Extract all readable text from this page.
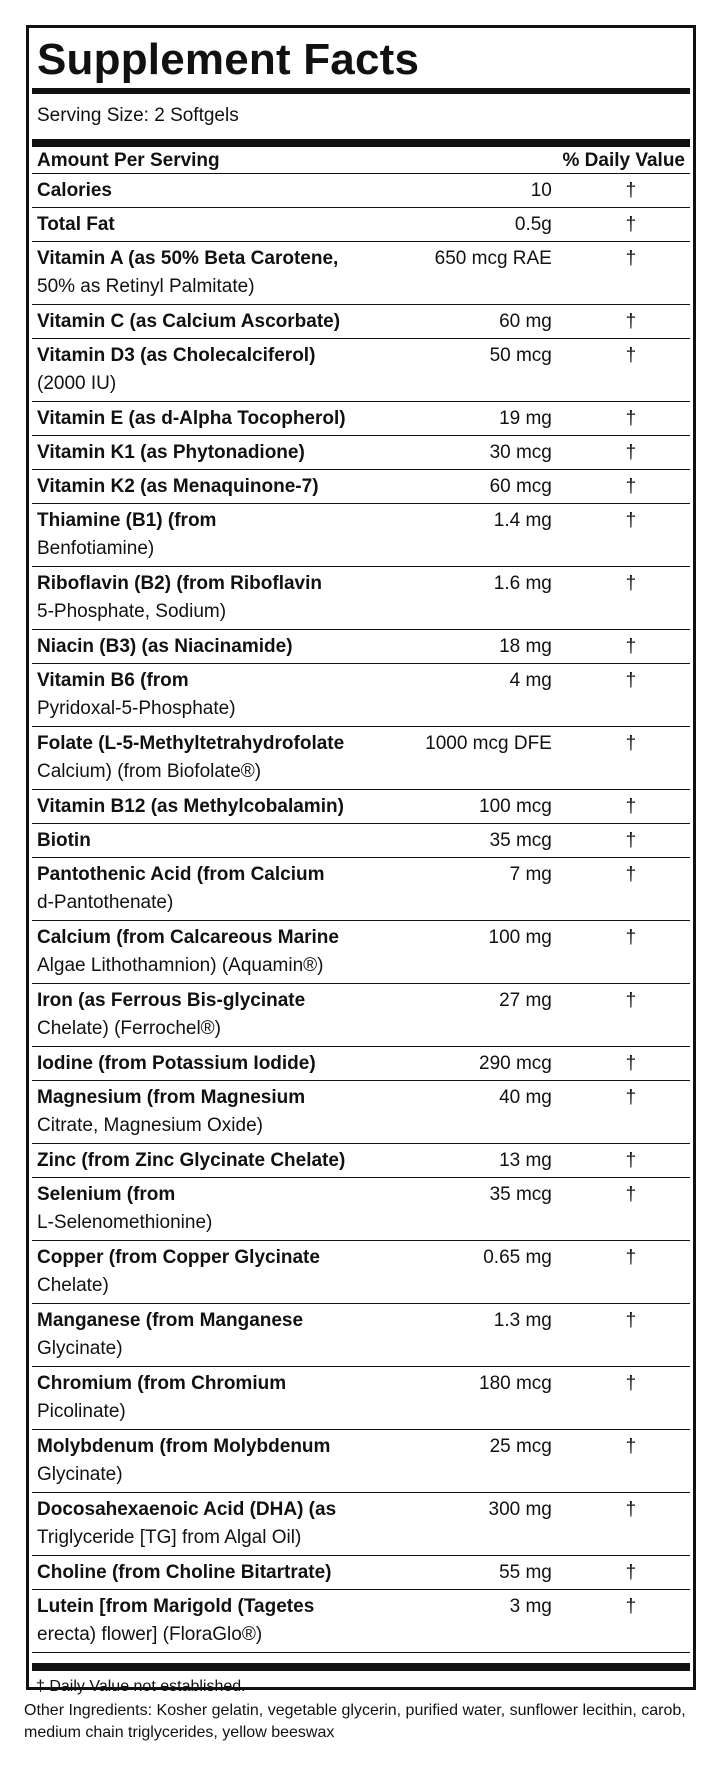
Supplement Facts
Serving Size: 2 Softgels
Amount Per Serving	% Daily Value
Calories	10	†
Total Fat	0.5g	†
Vitamin A (as 50% Beta Carotene,
50% as Retinyl Palmitate)
650 mcg RAE	†
Vitamin C (as Calcium Ascorbate)	60 mg	†
Vitamin D3 (as Cholecalciferol)
(2000 IU)
50 mcg	†
Vitamin E (as d-Alpha Tocopherol)	19 mg	†
Vitamin K1 (as Phytonadione)	30 mcg	†
Vitamin K2 (as Menaquinone-7)	60 mcg	†
Thiamine (B1) (from
Benfotiamine)
1.4 mg	†
Riboflavin (B2) (from Riboflavin
5-Phosphate, Sodium)
1.6 mg	†
Niacin (B3) (as Niacinamide)	18 mg	†
Vitamin B6 (from
Pyridoxal-5-Phosphate)
4 mg	†
Folate (L-5-Methyltetrahydrofolate
Calcium) (from Biofolate®)
1000 mcg DFE	†
Vitamin B12 (as Methylcobalamin)	100 mcg	†
Biotin	35 mcg	†
Pantothenic Acid (from Calcium
d-Pantothenate)
7 mg	†
Calcium (from Calcareous Marine
Algae Lithothamnion) (Aquamin®)
100 mg	†
Iron (as Ferrous Bis-glycinate
Chelate) (Ferrochel®)
27 mg	†
Iodine (from Potassium Iodide)	290 mcg	†
Magnesium (from Magnesium
Citrate, Magnesium Oxide)
40 mg	†
Zinc (from Zinc Glycinate Chelate)	13 mg	†
Selenium (from
L-Selenomethionine)
35 mcg	†
Copper (from Copper Glycinate
Chelate)
0.65 mg	†
Manganese (from Manganese
Glycinate)
1.3 mg	†
Chromium (from Chromium
Picolinate)
180 mcg	†
Molybdenum (from Molybdenum
Glycinate)
25 mcg	†
Docosahexaenoic Acid (DHA) (as
Triglyceride [TG] from Algal Oil)
300 mg	†
Choline (from Choline Bitartrate)	55 mg	†
Lutein [from Marigold (Tagetes
erecta) flower] (FloraGlo®)
3 mg	†
† Daily Value not established.
Other Ingredients: Kosher gelatin, vegetable glycerin, purified water, sunflower lecithin, carob, medium chain triglycerides, yellow beeswax
